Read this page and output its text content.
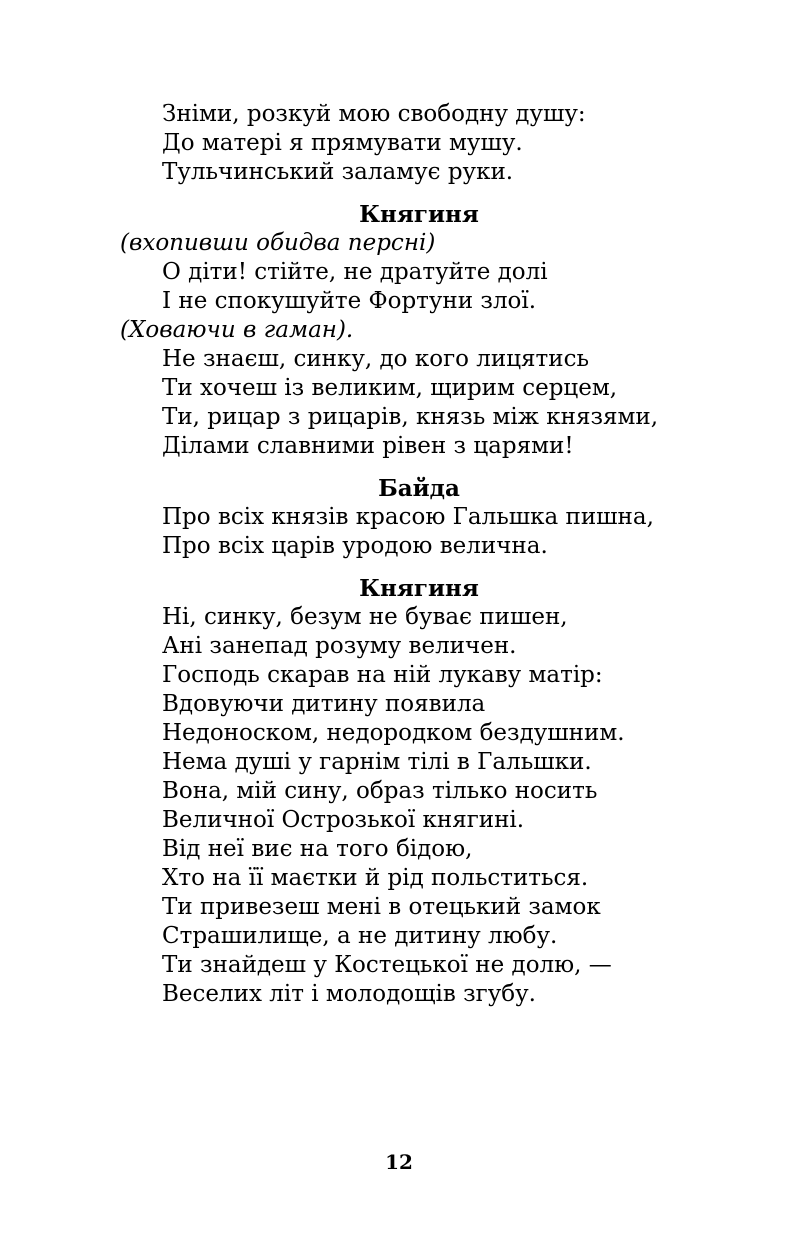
Зніми, розкуй мою свободну душу:
До матері я прямувати мушу.
Тульчинський заламує руки.
Княгиня
(вхопивши обидва персні)
О діти! стійте, не дратуйте долі
І не спокушуйте Фортуни злої.
(Ховаючи в гаман).
Не знаєш, синку, до кого лицятись
Ти хочеш із великим, щирим серцем,
Ти, рицар з рицарів, князь між князями,
Ділами славними рівен з царями!
Байда
Про всіх князів красою Гальшка пишна,
Про всіх царів уродою велична.
Княгиня
Ні, синку, безум не буває пишен,
Ані занепад розуму величен.
Господь скарав на ній лукаву матір:
Вдовуючи дитину появила
Недоноском, недородком бездушним.
Нема душі у гарнім тілі в Гальшки.
Вона, мій сину, образ тілько носить
Величної Острозької княгині.
Від неї виє на того бідою,
Хто на її маєтки й рід польститься.
Ти привезеш мені в отецький замок
Страшилище, а не дитину любу.
Ти знайдеш у Костецької не долю, —
Веселих літ і молодощів згубу.
12
